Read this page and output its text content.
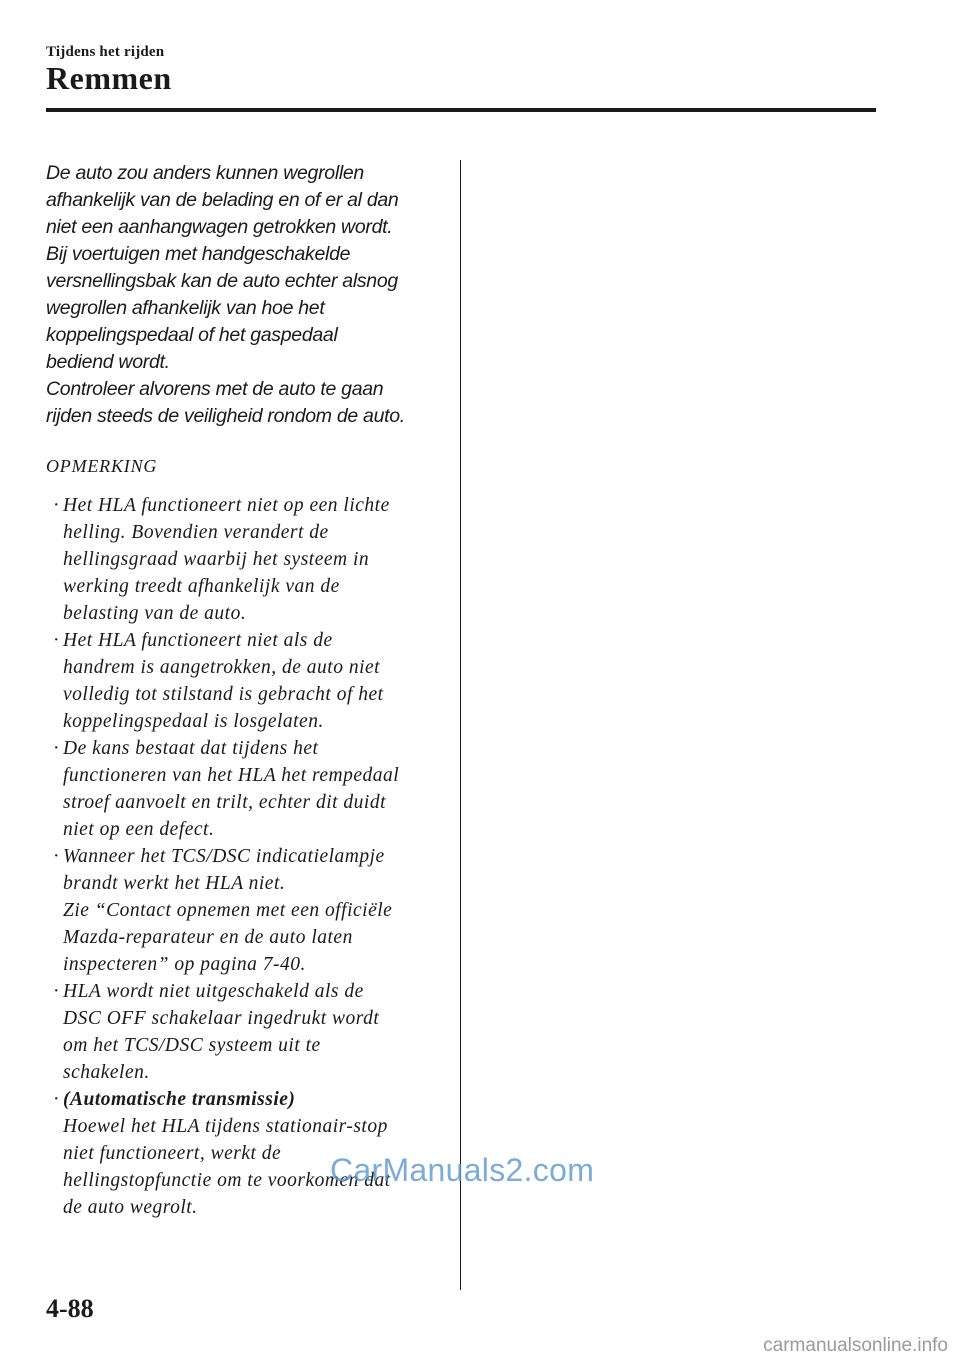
Tijdens het rijden
Remmen

De auto zou anders kunnen wegrollen

afhankelijk van de belading en of er al dan

niet een aanhangwagen getrokken wordt.

Bij voertuigen met handgeschakelde

versnellingsbak kan de auto echter alsnog

wegrollen afhankelijk van hoe het

koppelingspedaal of het gaspedaal

bediend wordt.

Controleer alvorens met de auto te gaan

rijden steeds de veiligheid rondom de auto.

OPMERKING
· Het HLA functioneert niet op een lichte
helling. Bovendien verandert de
hellingsgraad waarbij het systeem in
werking treedt afhankelijk van de
belasting van de auto.
· Het HLA functioneert niet als de
handrem is aangetrokken, de auto niet
volledig tot stilstand is gebracht of het
koppelingspedaal is losgelaten.
· De kans bestaat dat tijdens het
functioneren van het HLA het rempedaal
stroef aanvoelt en trilt, echter dit duidt
niet op een defect.
· Wanneer het TCS/DSC indicatielampje
brandt werkt het HLA niet.
Zie “Contact opnemen met een officiële
Mazda-reparateur en de auto laten
inspecteren” op pagina 7-40.
· HLA wordt niet uitgeschakeld als de
DSC OFF schakelaar ingedrukt wordt
om het TCS/DSC systeem uit te
schakelen.
· (Automatische transmissie)
Hoewel het HLA tijdens stationair-stop
niet functioneert, werkt de
hellingstopfunctie om te voorkomen dat
de auto wegrolt.
CarManuals2.com
4-88
carmanualsonline.info
